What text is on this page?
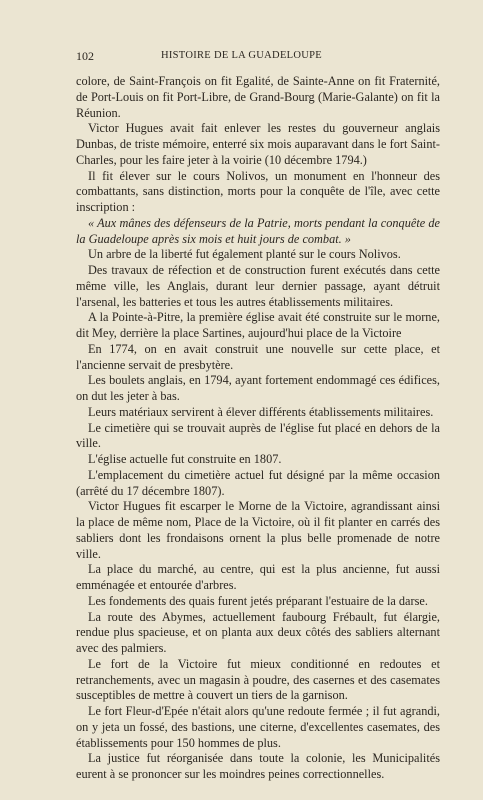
102	HISTOIRE DE LA GUADELOUPE

colore, de Saint-François on fit Egalité, de Sainte-Anne on fit Fraternité, de Port-Louis on fit Port-Libre, de Grand-Bourg (Marie-Galante) on fit la Réunion.

Victor Hugues avait fait enlever les restes du gouverneur anglais Dunbas, de triste mémoire, enterré six mois auparavant dans le fort Saint-Charles, pour les faire jeter à la voirie (10 décembre 1794.)

Il fit élever sur le cours Nolivos, un monument en l'honneur des combattants, sans distinction, morts pour la conquête de l'île, avec cette inscription :

« Aux mânes des défenseurs de la Patrie, morts pendant la conquête de la Guadeloupe après six mois et huit jours de combat. »

Un arbre de la liberté fut également planté sur le cours Nolivos.

Des travaux de réfection et de construction furent exécutés dans cette même ville, les Anglais, durant leur dernier passage, ayant détruit l'arsenal, les batteries et tous les autres établissements militaires.

A la Pointe-à-Pitre, la première église avait été construite sur le morne, dit Mey, derrière la place Sartines, aujourd'hui place de la Victoire

En 1774, on en avait construit une nouvelle sur cette place, et l'ancienne servait de presbytère.

Les boulets anglais, en 1794, ayant fortement endommagé ces édifices, on dut les jeter à bas.

Leurs matériaux servirent à élever différents établissements militaires.

Le cimetière qui se trouvait auprès de l'église fut placé en dehors de la ville.

L'église actuelle fut construite en 1807.

L'emplacement du cimetière actuel fut désigné par la même occasion (arrêté du 17 décembre 1807).

Victor Hugues fit escarper le Morne de la Victoire, agrandissant ainsi la place de même nom, Place de la Victoire, où il fit planter en carrés des sabliers dont les frondaisons ornent la plus belle promenade de notre ville.

La place du marché, au centre, qui est la plus ancienne, fut aussi emménagée et entourée d'arbres.

Les fondements des quais furent jetés préparant l'estuaire de la darse.

La route des Abymes, actuellement faubourg Frébault, fut élargie, rendue plus spacieuse, et on planta aux deux côtés des sabliers alternant avec des palmiers.

Le fort de la Victoire fut mieux conditionné en redoutes et retranchements, avec un magasin à poudre, des casernes et des casemates susceptibles de mettre à couvert un tiers de la garnison.

Le fort Fleur-d'Epée n'était alors qu'une redoute fermée ; il fut agrandi, on y jeta un fossé, des bastions, une citerne, d'excellentes casemates, des établissements pour 150 hommes de plus.

La justice fut réorganisée dans toute la colonie, les Municipalités eurent à se prononcer sur les moindres peines correctionnelles.
